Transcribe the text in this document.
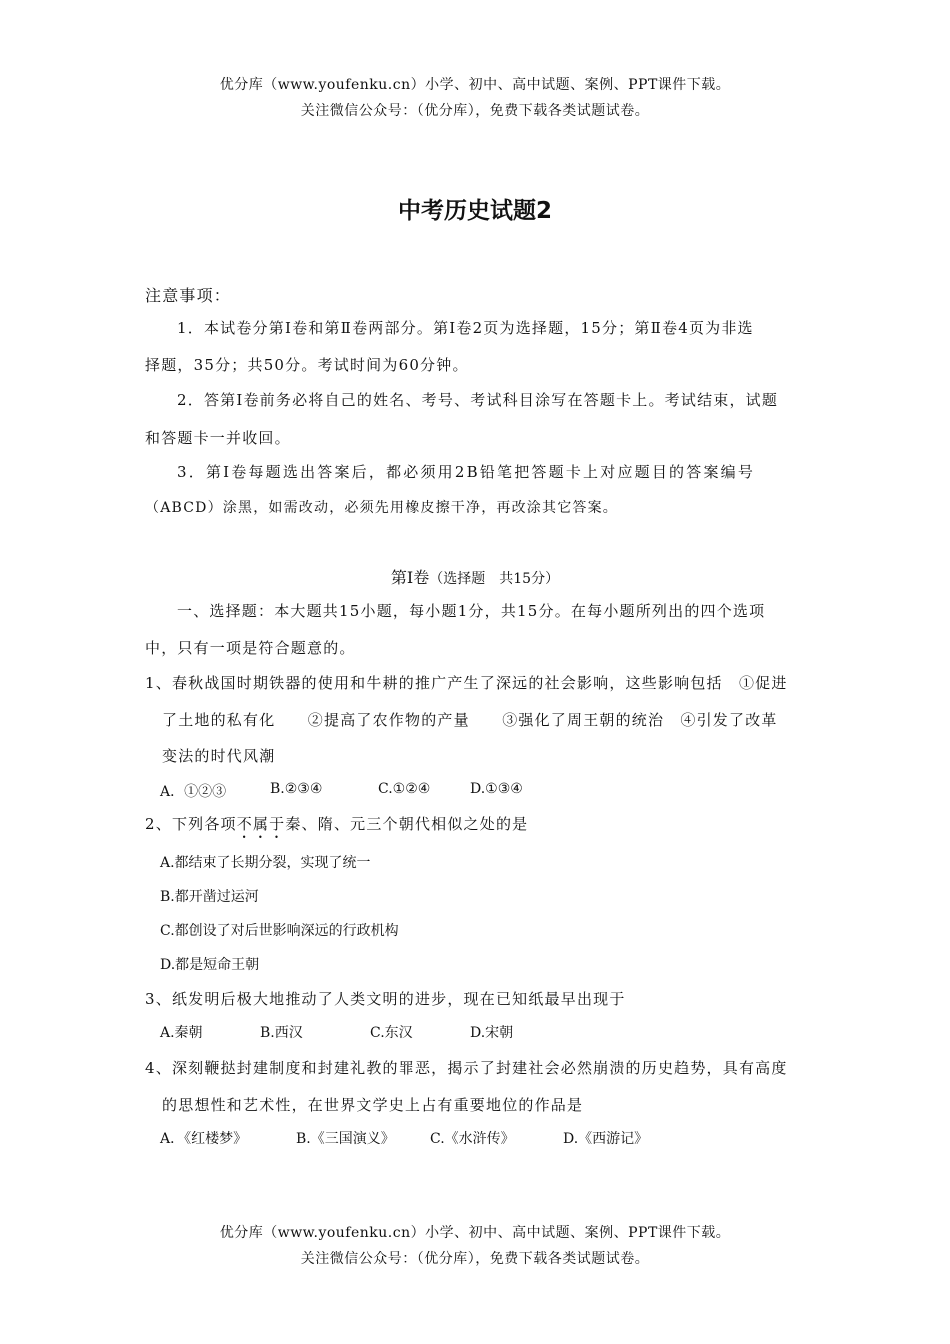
优分库（www.youfenku.cn）小学、初中、高中试题、案例、PPT课件下载。
关注微信公众号：（优分库），免费下载各类试题试卷。
中考历史试题2
注意事项：
1．本试卷分第Ⅰ卷和第Ⅱ卷两部分。第Ⅰ卷2页为选择题，15分；第Ⅱ卷4页为非选
择题，35分；共50分。考试时间为60分钟。
2．答第Ⅰ卷前务必将自己的姓名、考号、考试科目涂写在答题卡上。考试结束，试题
和答题卡一并收回。
3．第Ⅰ卷每题选出答案后，都必须用2B铅笔把答题卡上对应题目的答案编号
（ABCD）涂黑，如需改动，必须先用橡皮擦干净，再改涂其它答案。
第Ⅰ卷（选择题　共15分）
一、选择题：本大题共15小题，每小题1分，共15分。在每小题所列出的四个选项
中，只有一项是符合题意的。
1、春秋战国时期铁器的使用和牛耕的推广产生了深远的社会影响，这些影响包括　①促进
了土地的私有化　　②提高了农作物的产量　　③强化了周王朝的统治　④引发了改革
变法的时代风潮
A．①②③	B.②③④	C.①②④	D.①③④
2、下列各项不属于秦、隋、元三个朝代相似之处的是
A.都结束了长期分裂，实现了统一
B.都开凿过运河
C.都创设了对后世影响深远的行政机构
D.都是短命王朝
3、纸发明后极大地推动了人类文明的进步，现在已知纸最早出现于
A.秦朝	B.西汉	C.东汉	D.宋朝
4、深刻鞭挞封建制度和封建礼教的罪恶，揭示了封建社会必然崩溃的历史趋势，具有高度
的思想性和艺术性，在世界文学史上占有重要地位的作品是
A．《红楼梦》	B.《三国演义》	C.《水浒传》	D.《西游记》
优分库（www.youfenku.cn）小学、初中、高中试题、案例、PPT课件下载。
关注微信公众号：（优分库），免费下载各类试题试卷。
